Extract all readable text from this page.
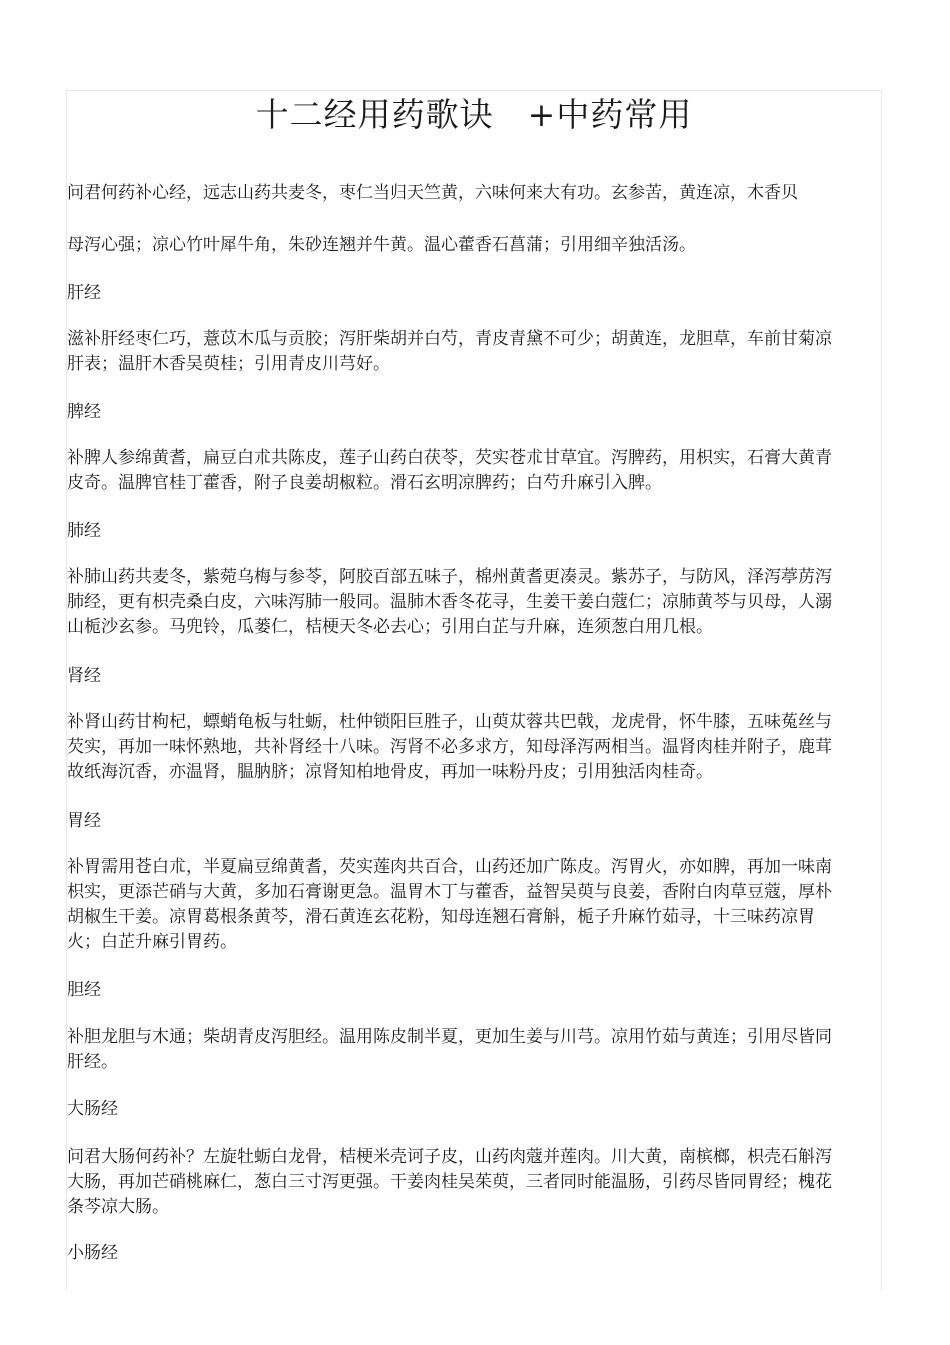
十二经用药歌诀　+中药常用

问君何药补心经，远志山药共麦冬，枣仁当归天竺黄，六味何来大有功。玄参苦，黄连凉，木香贝

母泻心强；凉心竹叶犀牛角，朱砂连翘并牛黄。温心藿香石菖蒲；引用细辛独活汤。

肝经

滋补肝经枣仁巧，薏苡木瓜与贡胶；泻肝柴胡并白芍，青皮青黛不可少；胡黄连，龙胆草，车前甘菊凉肝表；温肝木香吴萸桂；引用青皮川芎好。

脾经

补脾人参绵黄耆，扁豆白朮共陈皮，莲子山药白茯苓，芡实苍朮甘草宜。泻脾药，用枳实，石膏大黄青皮奇。温脾官桂丁藿香，附子良姜胡椒粒。滑石玄明凉脾药；白芍升麻引入脾。

肺经

补肺山药共麦冬，紫菀乌梅与参苓，阿胶百部五味子，棉州黄耆更凑灵。紫苏子，与防风，泽泻葶苈泻肺经，更有枳壳桑白皮，六味泻肺一般同。温肺木香冬花寻，生姜干姜白蔻仁；凉肺黄芩与贝母，人溺山栀沙玄参。马兜铃，瓜蒌仁，桔梗天冬必去心；引用白芷与升麻，连须葱白用几根。

肾经

补肾山药甘枸杞，螵蛸龟板与牡蛎，杜仲锁阳巨胜子，山萸苁蓉共巴戟，龙虎骨，怀牛膝，五味菟丝与芡实，再加一味怀熟地，共补肾经十八味。泻肾不必多求方，知母泽泻两相当。温肾肉桂并附子，鹿茸故纸海沉香，亦温肾，腽肭脐；凉肾知柏地骨皮，再加一味粉丹皮；引用独活肉桂奇。

胃经

补胃需用苍白朮，半夏扁豆绵黄耆，芡实莲肉共百合，山药还加广陈皮。泻胃火，亦如脾，再加一味南枳实，更添芒硝与大黄，多加石膏谢更急。温胃木丁与藿香，益智吴萸与良姜，香附白肉草豆蔻，厚朴胡椒生干姜。凉胃葛根条黄芩，滑石黄连玄花粉，知母连翘石膏斛，栀子升麻竹茹寻，十三味药凉胃火；白芷升麻引胃药。

胆经

补胆龙胆与木通；柴胡青皮泻胆经。温用陈皮制半夏，更加生姜与川芎。凉用竹茹与黄连；引用尽皆同肝经。

大肠经

问君大肠何药补？左旋牡蛎白龙骨，桔梗米壳诃子皮，山药肉蔻并莲肉。川大黄，南槟榔，枳壳石斛泻大肠，再加芒硝桃麻仁，葱白三寸泻更强。干姜肉桂吴茱萸，三者同时能温肠，引药尽皆同胃经；槐花条芩凉大肠。

小肠经
